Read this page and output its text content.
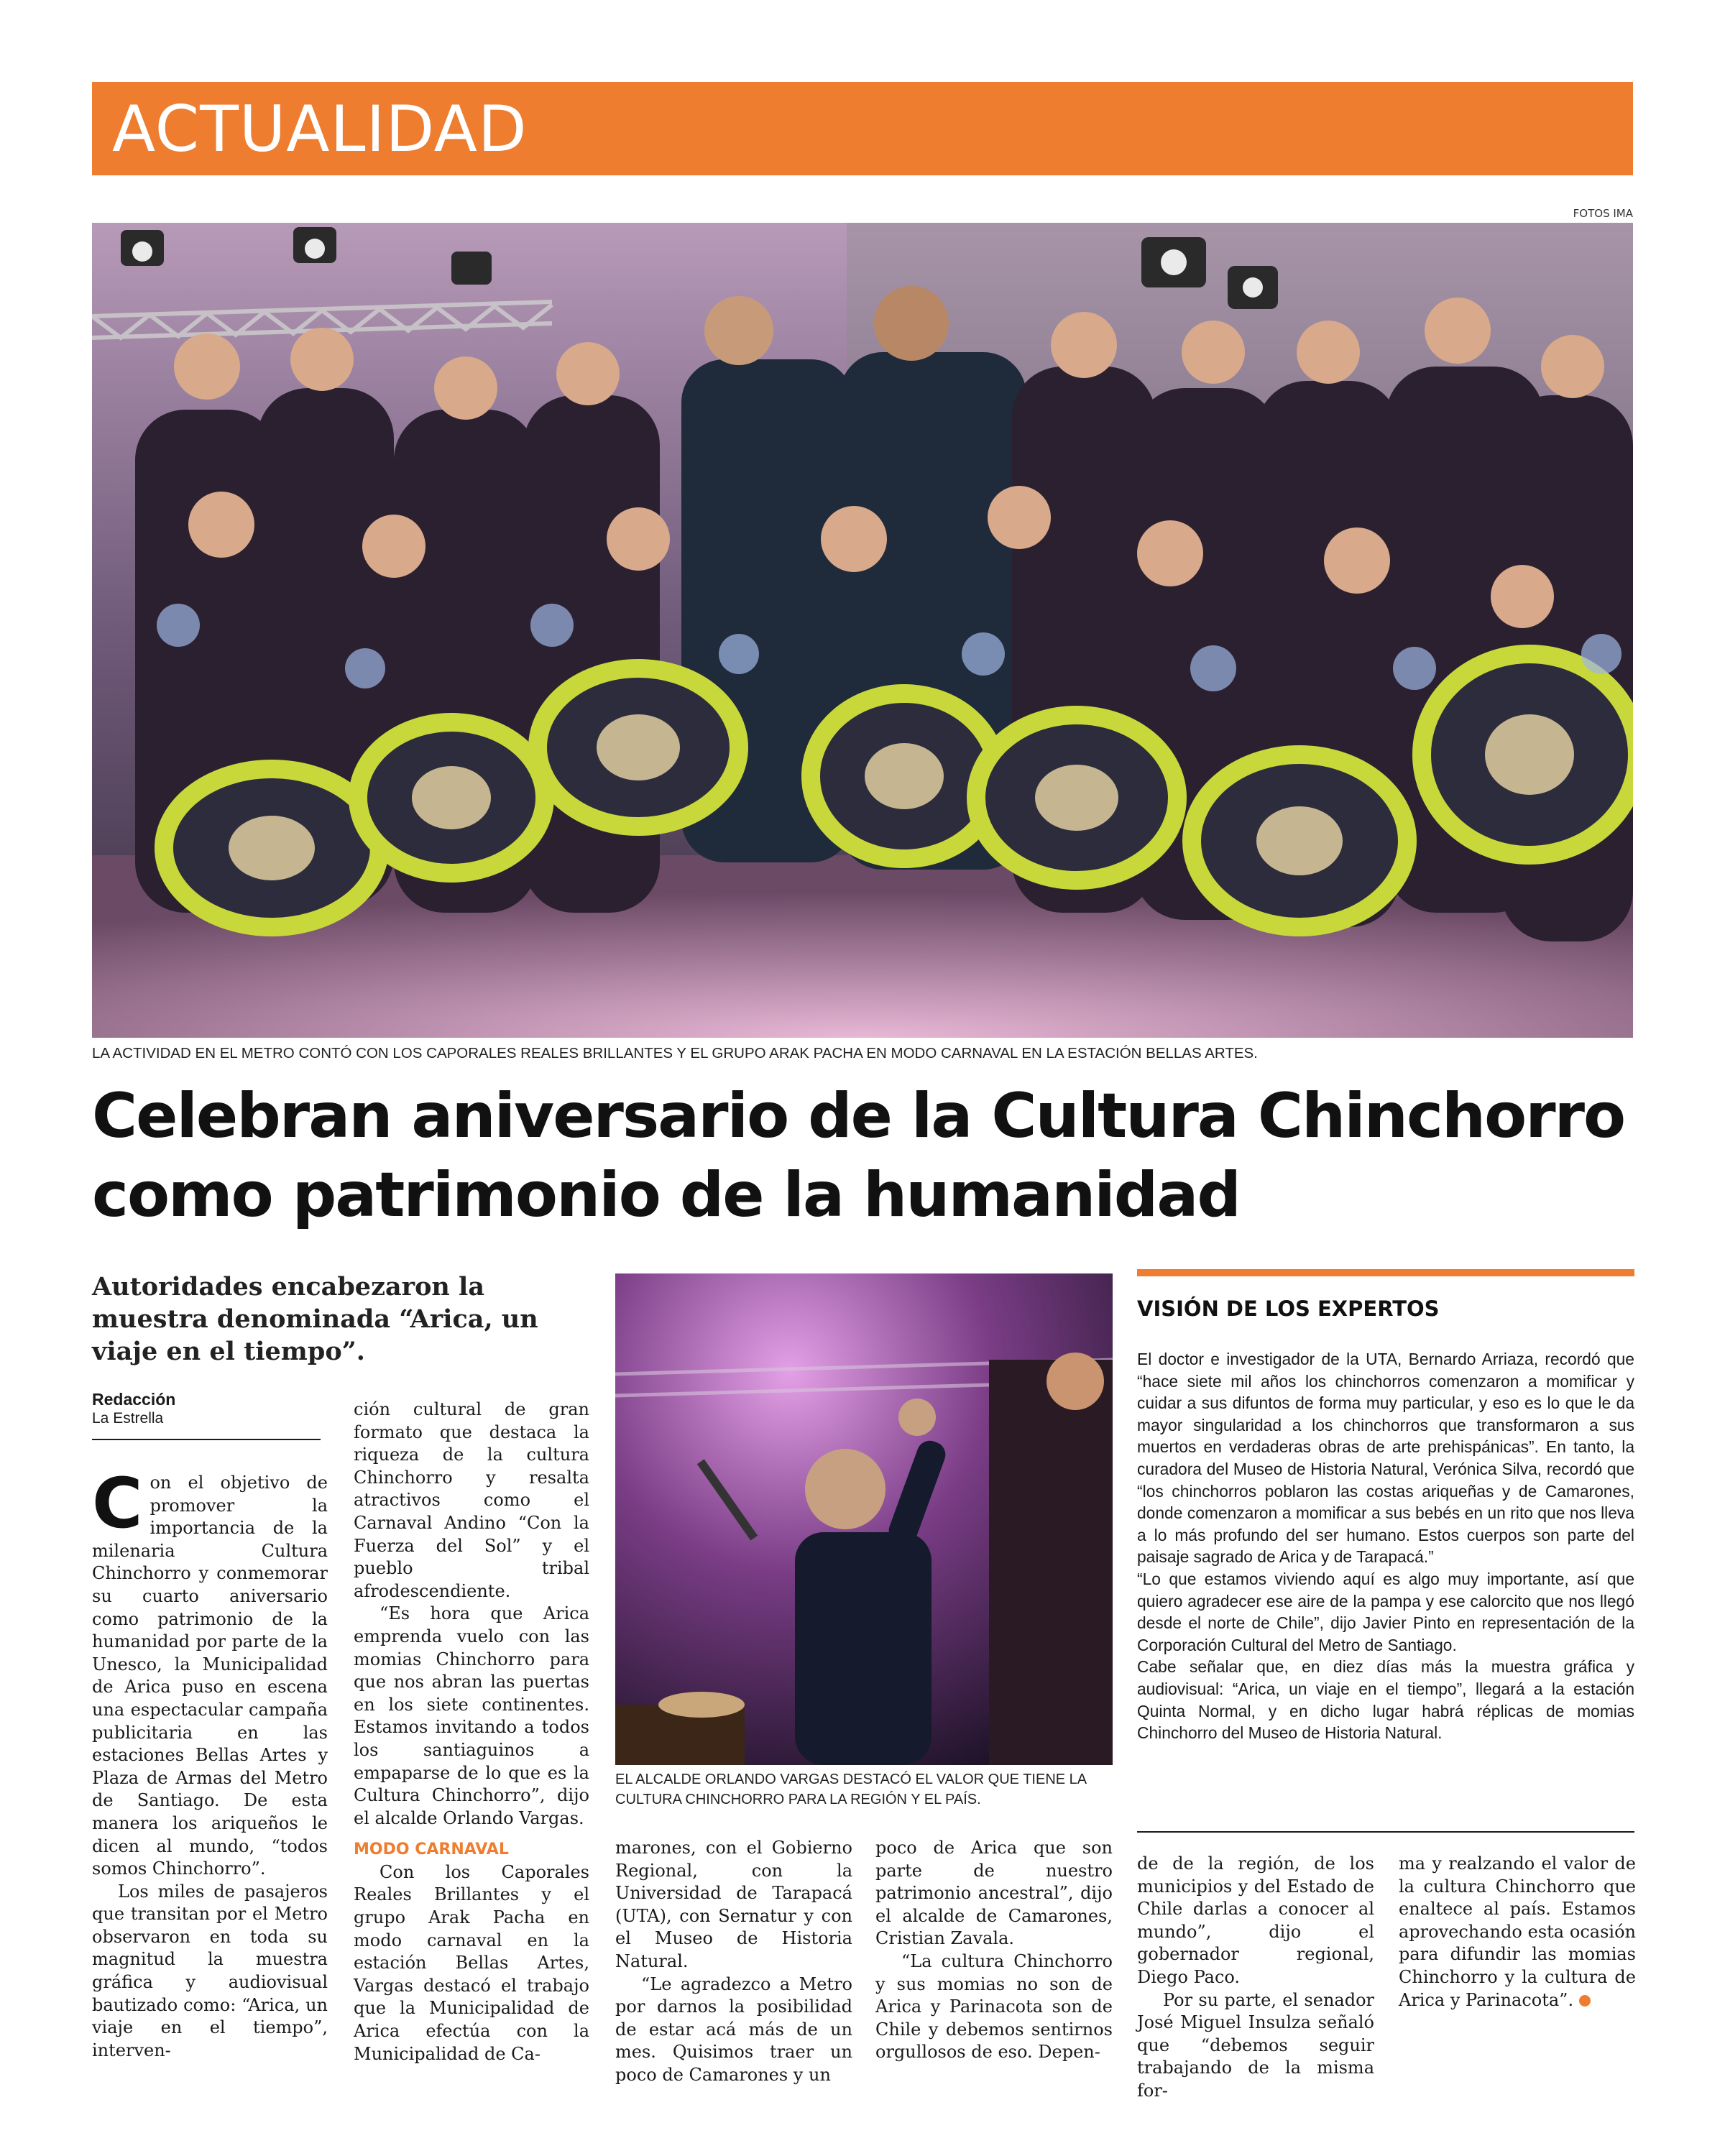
ACTUALIDAD
FOTOS IMA
LA ACTIVIDAD EN EL METRO CONTÓ CON LOS CAPORALES REALES BRILLANTES Y EL GRUPO ARAK PACHA EN MODO CARNAVAL EN LA ESTACIÓN BELLAS ARTES.
Celebran aniversario de la Cultura Chinchorro
como patrimonio de la humanidad
Autoridades encabezaron la muestra denominada “Arica, un viaje en el tiempo”.
Redacción
La Estrella

Con el objetivo de promover la importancia de la milenaria Cultura Chinchorro y conmemorar su cuarto aniversario como patrimonio de la humanidad por parte de la Unesco, la Municipalidad de Arica puso en escena una espectacular campaña publicitaria en las estaciones Bellas Artes y Plaza de Armas del Metro de Santiago. De esta manera los ariqueños le dicen al mundo, “todos somos Chinchorro”.

Los miles de pasajeros que transitan por el Metro observaron en toda su magnitud la muestra gráfica y audiovisual bautizado como: “Arica, un viaje en el tiempo”, interven-

ción cultural de gran formato que destaca la riqueza de la cultura Chinchorro y resalta atractivos como el Carnaval Andino “Con la Fuerza del Sol” y el pueblo tribal afrodescendiente.

“Es hora que Arica emprenda vuelo con las momias Chinchorro para que nos abran las puertas en los siete continentes. Estamos invitando a todos los santiaguinos a empaparse de lo que es la Cultura Chinchorro”, dijo el alcalde Orlando Vargas.

MODO CARNAVAL

Con los Caporales Reales Brillantes y el grupo Arak Pacha en modo carnaval en la estación Bellas Artes, Vargas destacó el trabajo que la Municipalidad de Arica efectúa con la Municipalidad de Ca-

EL ALCALDE ORLANDO VARGAS DESTACÓ EL VALOR QUE TIENE LA CULTURA CHINCHORRO PARA LA REGIÓN Y EL PAÍS.

marones, con el Gobierno Regional, con la Universidad de Tarapacá (UTA), con Sernatur y con el Museo de Historia Natural.

“Le agradezco a Metro por darnos la posibilidad de estar acá más de un mes. Quisimos traer un poco de Camarones y un

poco de Arica que son parte de nuestro patrimonio ancestral”, dijo el alcalde de Camarones, Cristian Zavala.

“La cultura Chinchorro y sus momias no son de Arica y Parinacota son de Chile y debemos sentirnos orgullosos de eso. Depen-

VISIÓN DE LOS EXPERTOS

El doctor e investigador de la UTA, Bernardo Arriaza, recordó que “hace siete mil años los chinchorros comenzaron a momificar y cuidar a sus difuntos de forma muy particular, y eso es lo que le da mayor singularidad a los chinchorros que transformaron a sus muertos en verdaderas obras de arte prehispánicas”. En tanto, la curadora del Museo de Historia Natural, Verónica Silva, recordó que “los chinchorros poblaron las costas ariqueñas y de Camarones, donde comenzaron a momificar a sus bebés en un rito que nos lleva a lo más profundo del ser humano. Estos cuerpos son parte del paisaje sagrado de Arica y de Tarapacá.”

“Lo que estamos viviendo aquí es algo muy importante, así que quiero agradecer ese aire de la pampa y ese calorcito que nos llegó desde el norte de Chile”, dijo Javier Pinto en representación de la Corporación Cultural del Metro de Santiago.

Cabe señalar que, en diez días más la muestra gráfica y audiovisual: “Arica, un viaje en el tiempo”, llegará a la estación Quinta Normal, y en dicho lugar habrá réplicas de momias Chinchorro del Museo de Historia Natural.

de de la región, de los municipios y del Estado de Chile darlas a conocer al mundo”, dijo el gobernador regional, Diego Paco.

Por su parte, el senador José Miguel Insulza señaló que “debemos seguir trabajando de la misma for-

ma y realzando el valor de la cultura Chinchorro que enaltece al país. Estamos aprovechando esta ocasión para difundir las momias Chinchorro y la cultura de Arica y Parinacota”.
